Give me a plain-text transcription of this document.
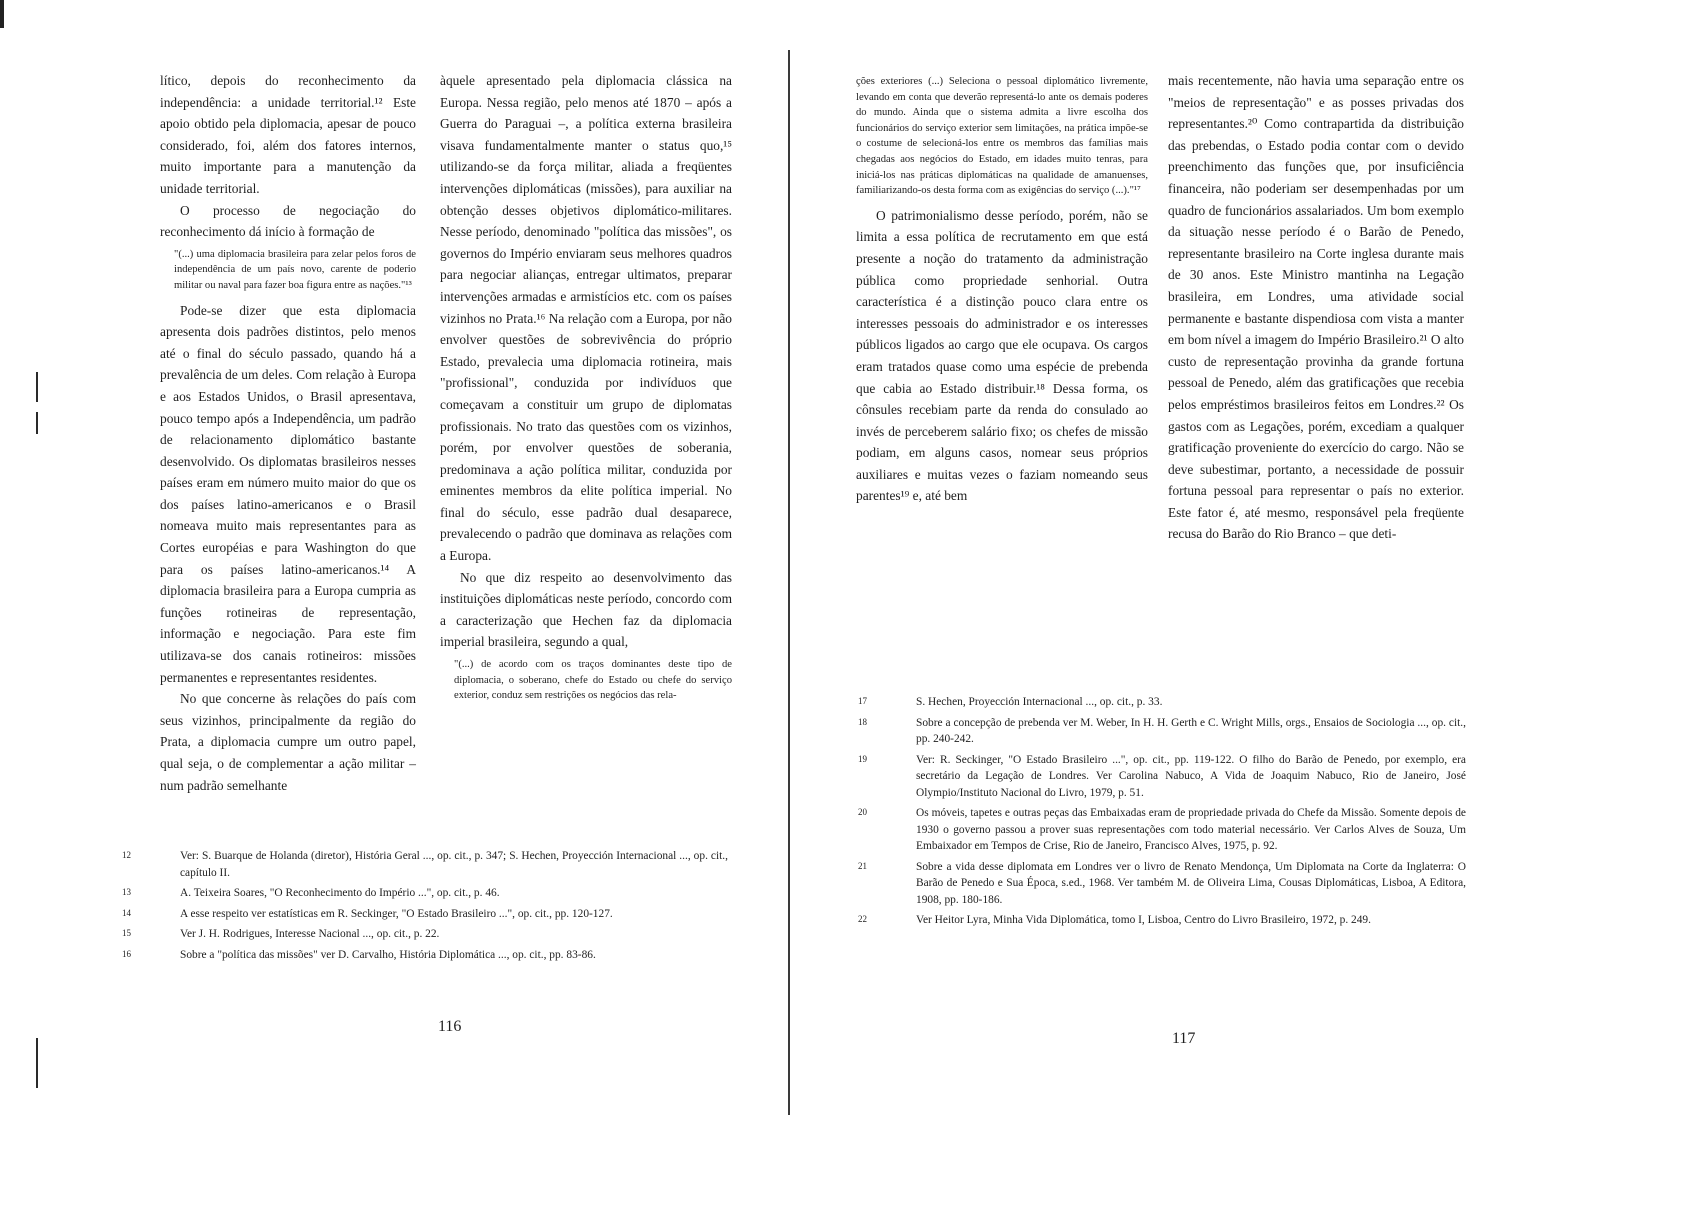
lítico, depois do reconhecimento da independência: a unidade territorial.¹² Este apoio obtido pela diplomacia, apesar de pouco considerado, foi, além dos fatores internos, muito importante para a manutenção da unidade territorial.

O processo de negociação do reconhecimento dá início à formação de

"(...) uma diplomacia brasileira para zelar pelos foros de independência de um país novo, carente de poderio militar ou naval para fazer boa figura entre as nações."¹³

Pode-se dizer que esta diplomacia apresenta dois padrões distintos, pelo menos até o final do século passado, quando há a prevalência de um deles. Com relação à Europa e aos Estados Unidos, o Brasil apresentava, pouco tempo após a Independência, um padrão de relacionamento diplomático bastante desenvolvido. Os diplomatas brasileiros nesses países eram em número muito maior do que os dos países latino-americanos e o Brasil nomeava muito mais representantes para as Cortes européias e para Washington do que para os países latino-americanos.¹⁴ A diplomacia brasileira para a Europa cumpria as funções rotineiras de representação, informação e negociação. Para este fim utilizava-se dos canais rotineiros: missões permanentes e representantes residentes.

No que concerne às relações do país com seus vizinhos, principalmente da região do Prata, a diplomacia cumpre um outro papel, qual seja, o de complementar a ação militar – num padrão semelhante

àquele apresentado pela diplomacia clássica na Europa. Nessa região, pelo menos até 1870 – após a Guerra do Paraguai –, a política externa brasileira visava fundamentalmente manter o status quo,¹⁵ utilizando-se da força militar, aliada a freqüentes intervenções diplomáticas (missões), para auxiliar na obtenção desses objetivos diplomático-militares. Nesse período, denominado "política das missões", os governos do Império enviaram seus melhores quadros para negociar alianças, entregar ultimatos, preparar intervenções armadas e armistícios etc. com os países vizinhos no Prata.¹⁶ Na relação com a Europa, por não envolver questões de sobrevivência do próprio Estado, prevalecia uma diplomacia rotineira, mais "profissional", conduzida por indivíduos que começavam a constituir um grupo de diplomatas profissionais. No trato das questões com os vizinhos, porém, por envolver questões de soberania, predominava a ação política militar, conduzida por eminentes membros da elite política imperial. No final do século, esse padrão dual desaparece, prevalecendo o padrão que dominava as relações com a Europa.

No que diz respeito ao desenvolvimento das instituições diplomáticas neste período, concordo com a caracterização que Hechen faz da diplomacia imperial brasileira, segundo a qual,

"(...) de acordo com os traços dominantes deste tipo de diplomacia, o soberano, chefe do Estado ou chefe do serviço exterior, conduz sem restrições os negócios das rela-
12	Ver: S. Buarque de Holanda (diretor), História Geral ..., op. cit., p. 347; S. Hechen, Proyección Internacional ..., op. cit., capítulo II.
13	A. Teixeira Soares, "O Reconhecimento do Império ...", op. cit., p. 46.
14	A esse respeito ver estatísticas em R. Seckinger, "O Estado Brasileiro ...", op. cit., pp. 120-127.
15	Ver J. H. Rodrigues, Interesse Nacional ..., op. cit., p. 22.
16	Sobre a "política das missões" ver D. Carvalho, História Diplomática ..., op. cit., pp. 83-86.
116
ções exteriores (...) Seleciona o pessoal diplomático livremente, levando em conta que deverão representá-lo ante os demais poderes do mundo. Ainda que o sistema admita a livre escolha dos funcionários do serviço exterior sem limitações, na prática impõe-se o costume de selecioná-los entre os membros das famílias mais chegadas aos negócios do Estado, em idades muito tenras, para iniciá-los nas práticas diplomáticas na qualidade de amanuenses, familiarizando-os desta forma com as exigências do serviço (...)."¹⁷

O patrimonialismo desse período, porém, não se limita a essa política de recrutamento em que está presente a noção do tratamento da administração pública como propriedade senhorial. Outra característica é a distinção pouco clara entre os interesses pessoais do administrador e os interesses públicos ligados ao cargo que ele ocupava. Os cargos eram tratados quase como uma espécie de prebenda que cabia ao Estado distribuir.¹⁸ Dessa forma, os cônsules recebiam parte da renda do consulado ao invés de perceberem salário fixo; os chefes de missão podiam, em alguns casos, nomear seus próprios auxiliares e muitas vezes o faziam nomeando seus parentes¹⁹ e, até bem

mais recentemente, não havia uma separação entre os "meios de representação" e as posses privadas dos representantes.²⁰ Como contrapartida da distribuição das prebendas, o Estado podia contar com o devido preenchimento das funções que, por insuficiência financeira, não poderiam ser desempenhadas por um quadro de funcionários assalariados. Um bom exemplo da situação nesse período é o Barão de Penedo, representante brasileiro na Corte inglesa durante mais de 30 anos. Este Ministro mantinha na Legação brasileira, em Londres, uma atividade social permanente e bastante dispendiosa com vista a manter em bom nível a imagem do Império Brasileiro.²¹ O alto custo de representação provinha da grande fortuna pessoal de Penedo, além das gratificações que recebia pelos empréstimos brasileiros feitos em Londres.²² Os gastos com as Legações, porém, excediam a qualquer gratificação proveniente do exercício do cargo. Não se deve subestimar, portanto, a necessidade de possuir fortuna pessoal para representar o país no exterior. Este fator é, até mesmo, responsável pela freqüente recusa do Barão do Rio Branco – que deti-

17	S. Hechen, Proyección Internacional ..., op. cit., p. 33.
18	Sobre a concepção de prebenda ver M. Weber, In H. H. Gerth e C. Wright Mills, orgs., Ensaios de Sociologia ..., op. cit., pp. 240-242.
19	Ver: R. Seckinger, "O Estado Brasileiro ...", op. cit., pp. 119-122. O filho do Barão de Penedo, por exemplo, era secretário da Legação de Londres. Ver Carolina Nabuco, A Vida de Joaquim Nabuco, Rio de Janeiro, José Olympio/Instituto Nacional do Livro, 1979, p. 51.
20	Os móveis, tapetes e outras peças das Embaixadas eram de propriedade privada do Chefe da Missão. Somente depois de 1930 o governo passou a prover suas representações com todo material necessário. Ver Carlos Alves de Souza, Um Embaixador em Tempos de Crise, Rio de Janeiro, Francisco Alves, 1975, p. 92.
21	Sobre a vida desse diplomata em Londres ver o livro de Renato Mendonça, Um Diplomata na Corte da Inglaterra: O Barão de Penedo e Sua Época, s.ed., 1968. Ver também M. de Oliveira Lima, Cousas Diplomáticas, Lisboa, A Editora, 1908, pp. 180-186.
22	Ver Heitor Lyra, Minha Vida Diplomática, tomo I, Lisboa, Centro do Livro Brasileiro, 1972, p. 249.
117
